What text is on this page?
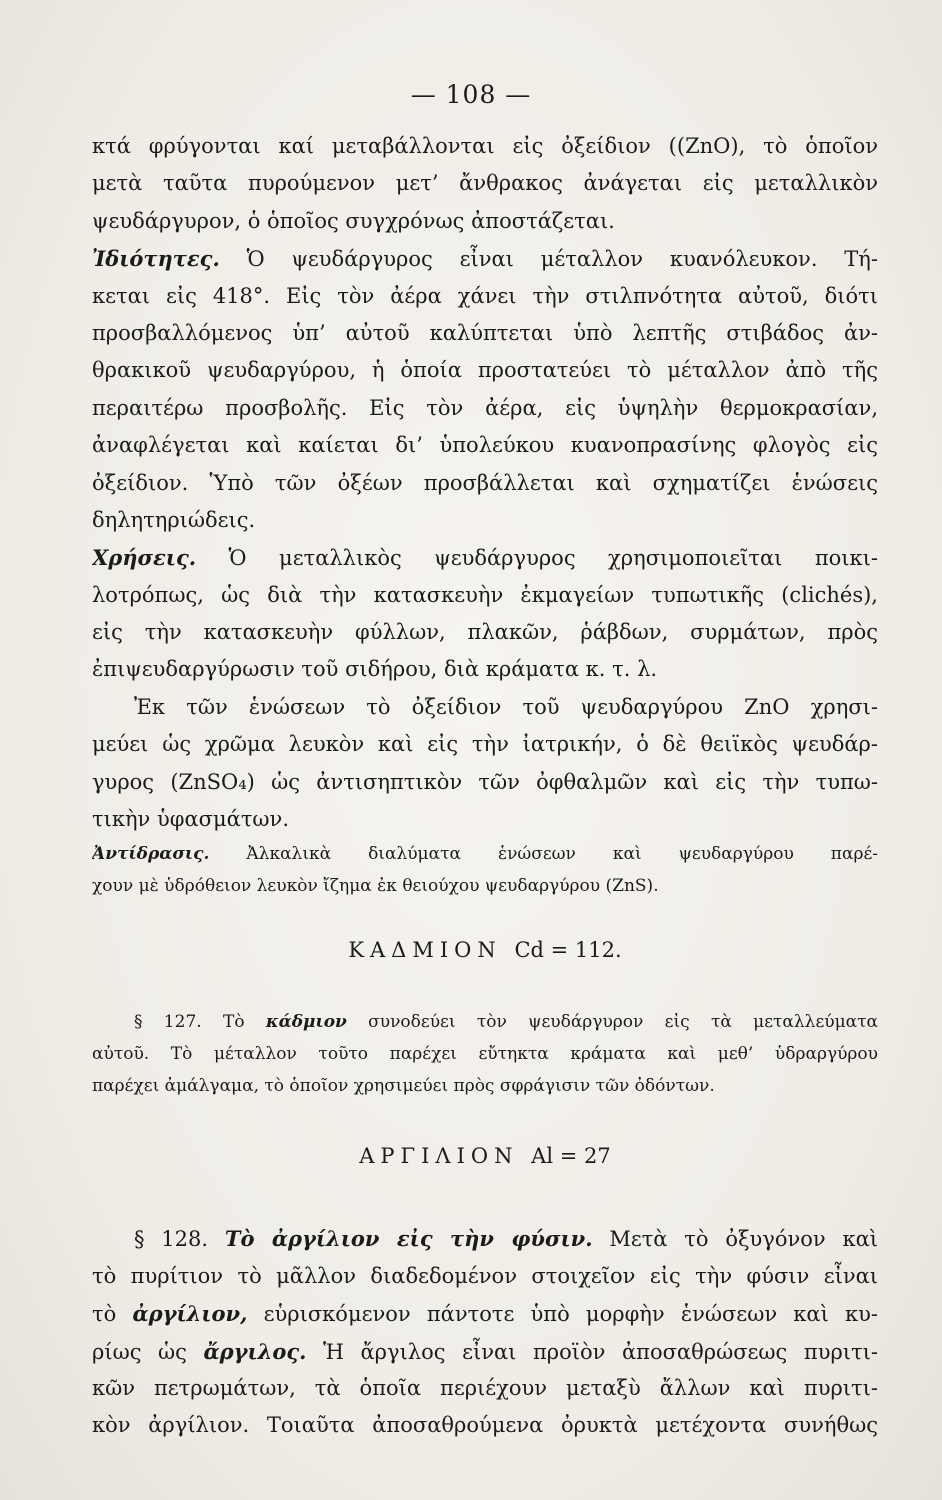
— 108 —
κτά φρύγονται καί μεταβάλλονται εἰς ὀξείδιον ((ZnO), τὸ ὁποῖον
μετὰ ταῦτα πυρούμενον μετ’ ἄνθρακος ἀνάγεται εἰς μεταλλικὸν
ψευδάργυρον, ὁ ὁποῖος συγχρόνως ἀποστάζεται.
Ἰδιότητες. Ὁ ψευδάργυρος εἶναι μέταλλον κυανόλευκον. Τή-
κεται εἰς 418°. Εἰς τὸν ἀέρα χάνει τὴν στιλπνότητα αὐτοῦ, διότι
προσβαλλόμενος ὑπ’ αὐτοῦ καλύπτεται ὑπὸ λεπτῆς στιβάδος ἀν-
θρακικοῦ ψευδαργύρου, ἡ ὁποία προστατεύει τὸ μέταλλον ἀπὸ τῆς
περαιτέρω προσβολῆς. Εἰς τὸν ἀέρα, εἰς ὑψηλὴν θερμοκρασίαν,
ἀναφλέγεται καὶ καίεται δι’ ὑπολεύκου κυανοπρασίνης φλογὸς εἰς
ὀξείδιον. Ὑπὸ τῶν ὀξέων προσβάλλεται καὶ σχηματίζει ἑνώσεις
δηλητηριώδεις.
Χρήσεις. Ὁ μεταλλικὸς ψευδάργυρος χρησιμοποιεῖται ποικι-
λοτρόπως, ὡς διὰ τὴν κατασκευὴν ἐκμαγείων τυπωτικῆς (clichés),
εἰς τὴν κατασκευὴν φύλλων, πλακῶν, ῥάβδων, συρμάτων, πρὸς
ἐπιψευδαργύρωσιν τοῦ σιδήρου, διὰ κράματα κ. τ. λ.
Ἐκ τῶν ἑνώσεων τὸ ὀξείδιον τοῦ ψευδαργύρου ZnO χρησι-
μεύει ὡς χρῶμα λευκὸν καὶ εἰς τὴν ἰατρικήν, ὁ δὲ θειϊκὸς ψευδάρ-
γυρος (ZnSO₄) ὡς ἀντισηπτικὸν τῶν ὀφθαλμῶν καὶ εἰς τὴν τυπω-
τικὴν ὑφασμάτων.
Ἀντίδρασις. Ἀλκαλικὰ διαλύματα ἑνώσεων καὶ ψευδαργύρου παρέ-
χουν μὲ ὑδρόθειον λευκὸν ἴζημα ἐκ θειούχου ψευδαργύρου (ZnS).
ΚΑΔΜΙΟΝ Cd = 112.
§ 127. Τὸ κάδμιον συνοδεύει τὸν ψευδάργυρον εἰς τὰ μεταλλεύματα
αὐτοῦ. Τὸ μέταλλον τοῦτο παρέχει εὔτηκτα κράματα καὶ μεθ’ ὑδραργύρου
παρέχει ἀμάλγαμα, τὸ ὁποῖον χρησιμεύει πρὸς σφράγισιν τῶν ὀδόντων.
ΑΡΓΙΛΙΟΝ Al = 27
§ 128. Τὸ ἀργίλιον εἰς τὴν φύσιν. Μετὰ τὸ ὀξυγόνον καὶ
τὸ πυρίτιον τὸ μᾶλλον διαδεδομένον στοιχεῖον εἰς τὴν φύσιν εἶναι
τὸ ἀργίλιον, εὑρισκόμενον πάντοτε ὑπὸ μορφὴν ἑνώσεων καὶ κυ-
ρίως ὡς ἄργιλος. Ἡ ἄργιλος εἶναι προϊὸν ἀποσαθρώσεως πυριτι-
κῶν πετρωμάτων, τὰ ὁποῖα περιέχουν μεταξὺ ἄλλων καὶ πυριτι-
κὸν ἀργίλιον. Τοιαῦτα ἀποσαθρούμενα ὀρυκτὰ μετέχοντα συνήθως
